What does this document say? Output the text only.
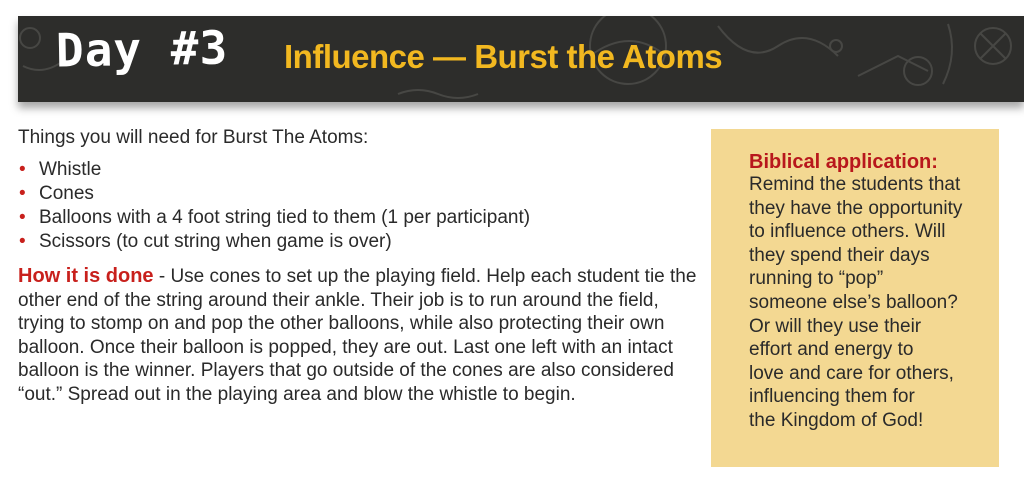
Day #3 Influence — Burst the Atoms

Things you will need for Burst The Atoms:

• Whistle
• Cones
• Balloons with a 4 foot string tied to them (1 per participant)
• Scissors (to cut string when game is over)

How it is done - Use cones to set up the playing field. Help each student tie the other end of the string around their ankle. Their job is to run around the field, trying to stomp on and pop the other balloons, while also protecting their own balloon. Once their balloon is popped, they are out. Last one left with an intact balloon is the winner. Players that go outside of the cones are also considered “out.” Spread out in the playing area and blow the whistle to begin.

Biblical application:
Remind the students that
they have the opportunity
to influence others. Will
they spend their days
running to “pop”
someone else’s balloon?
Or will they use their
effort and energy to
love and care for others,
influencing them for
the Kingdom of God!
